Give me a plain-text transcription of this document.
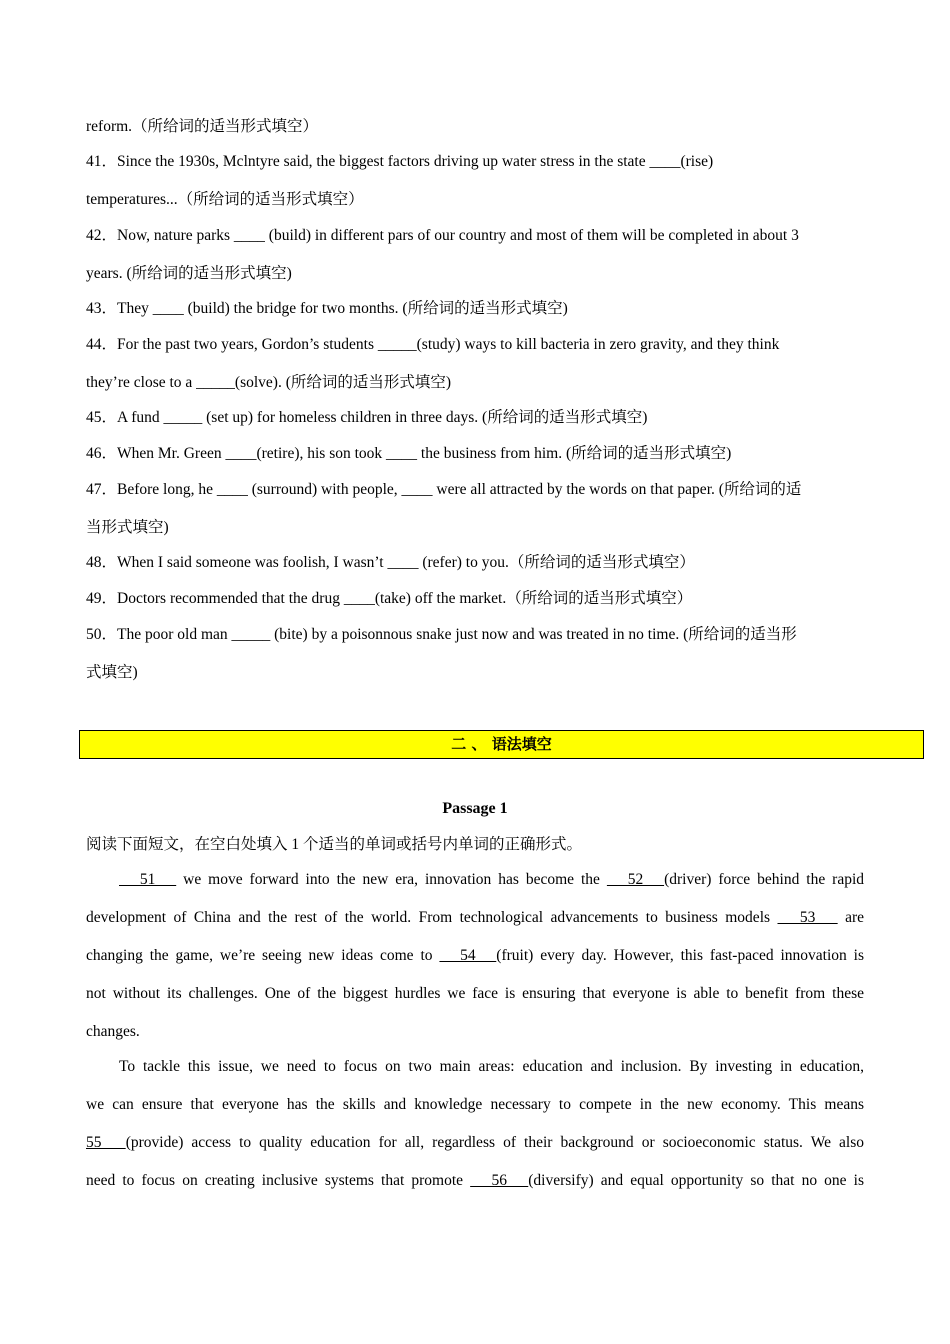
reform.（所给词的适当形式填空）
41．Since the 1930s, Mclntyre said, the biggest factors driving up water stress in the state ____(rise)
temperatures...（所给词的适当形式填空）
42．Now, nature parks ____ (build) in different pars of our country and most of them will be completed in about 3
years. (所给词的适当形式填空)
43．They ____ (build) the bridge for two months. (所给词的适当形式填空)
44．For the past two years, Gordon’s students _____(study) ways to kill bacteria in zero gravity, and they think
they’re close to a _____(solve). (所给词的适当形式填空)
45．A fund _____ (set up) for homeless children in three days. (所给词的适当形式填空)
46．When Mr. Green ____(retire), his son took ____ the business from him. (所给词的适当形式填空)
47．Before long, he ____ (surround) with people, ____ were all attracted by the words on that paper. (所给词的适
当形式填空)
48．When I said someone was foolish, I wasn’t ____ (refer) to you.（所给词的适当形式填空）
49．Doctors recommended that the drug ____(take) off the market.（所给词的适当形式填空）
50．The poor old man _____ (bite) by a poisonnous snake just now and was treated in no time. (所给词的适当形
式填空)
二 、 语法填空
Passage 1
阅读下面短文，在空白处填入 1 个适当的单词或括号内单词的正确形式。
51    we move forward into the new era, innovation has become the    52   (driver) force behind the rapid
development of China and the rest of the world. From technological advancements to business models    53    are
changing the game, we’re seeing new ideas come to    54   (fruit) every day. However, this fast-paced innovation is
not without its challenges. One of the biggest hurdles we face is ensuring that everyone is able to benefit from these
changes.
To tackle this issue, we need to focus on two main areas: education and inclusion. By investing in education,
we can ensure that everyone has the skills and knowledge necessary to compete in the new economy. This means
55   (provide) access to quality education for all, regardless of their background or socioeconomic status. We also
need to focus on creating inclusive systems that promote    56   (diversify) and equal opportunity so that no one is
